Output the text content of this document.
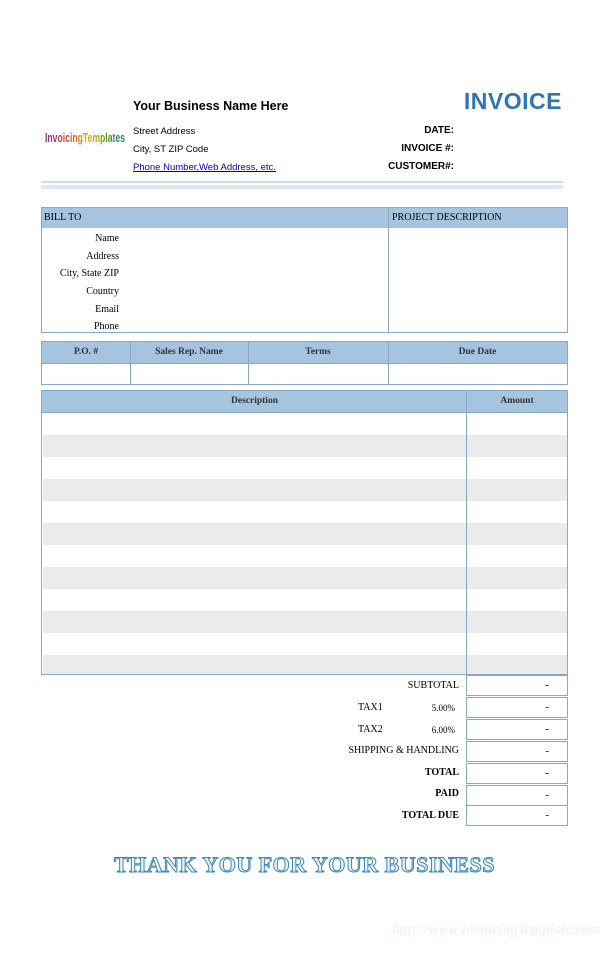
InvoicingTemplates
Your Business Name Here
Street Address
City, ST ZIP Code
Phone Number,Web Address, etc.
INVOICE
DATE:
INVOICE #:
CUSTOMER#:
BILL TO	PROJECT DESCRIPTION
Name
Address
City, State ZIP
Country
Email
Phone
P.O. #	Sales Rep. Name	Terms	Due Date
Description	Amount
SUBTOTAL	-
TAX1	5.00%	-
TAX2	6.00%	-
SHIPPING & HANDLING	-
TOTAL	-
PAID	-
TOTAL DUE	-
THANK YOU FOR YOUR BUSINESS
http://www.InvoicingTemplate.com
